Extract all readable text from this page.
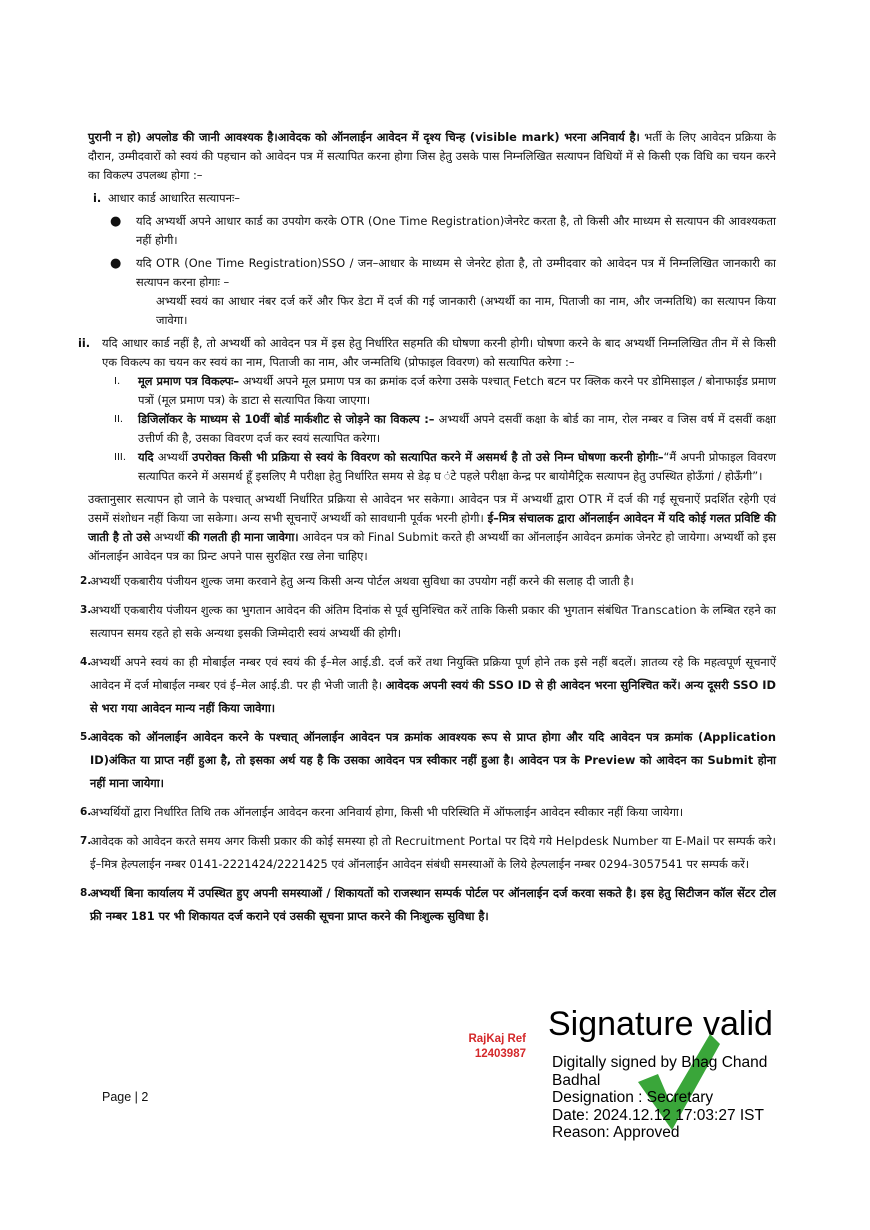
पुरानी न हो) अपलोड की जानी आवश्यक है।आवेदक को ऑनलाईन आवेदन में दृश्य चिन्ह (visible mark) भरना अनिवार्य है। भर्ती के लिए आवेदन प्रक्रिया के दौरान, उम्मीदवारों को स्वयं की पहचान को आवेदन पत्र में सत्यापित करना होगा जिस हेतु उसके पास निम्नलिखित सत्यापन विधियों में से किसी एक विधि का चयन करने का विकल्प उपलब्ध होगा :–

i. आधार कार्ड आधारित सत्यापनः–

●	यदि अभ्यर्थी अपने आधार कार्ड का उपयोग करके OTR (One Time Registration)जेनरेट करता है, तो किसी और माध्यम से सत्यापन की आवश्यकता नहीं होगी।

●	यदि OTR (One Time Registration)SSO / जन–आधार के माध्यम से जेनरेट होता है, तो उम्मीदवार को आवेदन पत्र में निम्नलिखित जानकारी का सत्यापन करना होगाः –

अभ्यर्थी स्वयं का आधार नंबर दर्ज करें और फिर डेटा में दर्ज की गई जानकारी (अभ्यर्थी का नाम, पिताजी का नाम, और जन्मतिथि) का सत्यापन किया जावेगा।

ii.	यदि आधार कार्ड नहीं है, तो अभ्यर्थी को आवेदन पत्र में इस हेतु निर्धारित सहमति की घोषणा करनी होगी। घोषणा करने के बाद अभ्यर्थी निम्नलिखित तीन में से किसी एक विकल्प का चयन कर स्वयं का नाम, पिताजी का नाम, और जन्मतिथि (प्रोफाइल विवरण) को सत्यापित करेगा :–

I.	मूल प्रमाण पत्र विकल्पः– अभ्यर्थी अपने मूल प्रमाण पत्र का क्रमांक दर्ज करेगा उसके पश्चात् Fetch बटन पर क्लिक करने पर डोमिसाइल / बोनाफाईड प्रमाण पत्रों (मूल प्रमाण पत्र) के डाटा से सत्यापित किया जाएगा।

II.	डिजिलॉकर के माध्यम से 10वीं बोर्ड मार्कशीट से जोड़ने का विकल्प :– अभ्यर्थी अपने दसवीं कक्षा के बोर्ड का नाम, रोल नम्बर व जिस वर्ष में दसवीं कक्षा उत्तीर्ण की है, उसका विवरण दर्ज कर स्वयं सत्यापित करेगा।

III.	यदि अभ्यर्थी उपरोक्त किसी भी प्रक्रिया से स्वयं के विवरण को सत्यापित करने में असमर्थ है तो उसे निम्न घोषणा करनी होगीः–“मैं अपनी प्रोफाइल विवरण सत्यापित करने में असमर्थ हूँ इसलिए मै परीक्षा हेतु निर्धारित समय से डेढ़ घ ंटे पहले परीक्षा केन्द्र पर बायोमैट्रिक सत्यापन हेतु उपस्थित होऊँगां / होऊँगी”।

उक्तानुसार सत्यापन हो जाने के पश्चात् अभ्यर्थी निर्धारित प्रक्रिया से आवेदन भर सकेगा। आवेदन पत्र में अभ्यर्थी द्वारा OTR में दर्ज की गई सूचनाऐं प्रदर्शित रहेगी एवं उसमें संशोधन नहीं किया जा सकेगा। अन्य सभी सूचनाऐं अभ्यर्थी को सावधानी पूर्वक भरनी होगी। ई–मित्र संचालक द्वारा ऑनलाईन आवेदन में यदि कोई गलत प्रविष्टि की जाती है तो उसे अभ्यर्थी की गलती ही माना जावेगा। आवेदन पत्र को Final Submit करते ही अभ्यर्थी का ऑनलाईन आवेदन क्रमांक जेनरेट हो जायेगा। अभ्यर्थी को इस ऑनलाईन आवेदन पत्र का प्रिन्ट अपने पास सुरक्षित रख लेना चाहिए।

2.

अभ्यर्थी एकबारीय पंजीयन शुल्क जमा करवाने हेतु अन्य किसी अन्य पोर्टल अथवा सुविधा का उपयोग नहीं करने की सलाह दी जाती है।

3.

अभ्यर्थी एकबारीय पंजीयन शुल्क का भुगतान आवेदन की अंतिम दिनांक से पूर्व सुनिश्चित करें ताकि किसी प्रकार की भुगतान संबंधित Transcation के लम्बित रहने का सत्यापन समय रहते हो सके अन्यथा इसकी जिम्मेदारी स्वयं अभ्यर्थी की होगी।

4.

अभ्यर्थी अपने स्वयं का ही मोबाईल नम्बर एवं स्वयं की ई–मेल आई.डी. दर्ज करें तथा नियुक्ति प्रक्रिया पूर्ण होने तक इसे नहीं बदलें। ज्ञातव्य रहे कि महत्वपूर्ण सूचनाऐं आवेदन में दर्ज मोबाईल नम्बर एवं ई–मेल आई.डी. पर ही भेजी जाती है। आवेदक अपनी स्वयं की SSO ID से ही आवेदन भरना सुनिश्चित करें। अन्य दूसरी SSO ID से भरा गया आवेदन मान्य नहीं किया जावेगा।

5.

आवेदक को ऑनलाईन आवेदन करने के पश्चात् ऑनलाईन आवेदन पत्र क्रमांक आवश्यक रूप से प्राप्त होगा और यदि आवेदन पत्र क्रमांक (Application ID)अंकित या प्राप्त नहीं हुआ है, तो इसका अर्थ यह है कि उसका आवेदन पत्र स्वीकार नहीं हुआ है। आवेदन पत्र के Preview को आवेदन का Submit होना नहीं माना जायेगा।

6.

अभ्यर्थियों द्वारा निर्धारित तिथि तक ऑनलाईन आवेदन करना अनिवार्य होगा, किसी भी परिस्थिति में ऑफलाईन आवेदन स्वीकार नहीं किया जायेगा।

7.

आवेदक को आवेदन करते समय अगर किसी प्रकार की कोई समस्या हो तो Recruitment Portal पर दिये गये Helpdesk Number या E-Mail पर सम्पर्क करे। ई–मित्र हेल्पलाईन नम्बर 0141-2221424/2221425 एवं ऑनलाईन आवेदन संबंधी समस्याओं के लिये हेल्पलाईन नम्बर 0294-3057541 पर सम्पर्क करें।

8.

अभ्यर्थी बिना कार्यालय में उपस्थित हुए अपनी समस्याओं / शिकायतों को राजस्थान सम्पर्क पोर्टल पर ऑनलाईन दर्ज करवा सकते है। इस हेतु सिटीजन कॉल सेंटर टोल फ्री नम्बर 181 पर भी शिकायत दर्ज कराने एवं उसकी सूचना प्राप्त करने की निःशुल्क सुविधा है।

RajKaj Ref
12403987
Page | 2
Signature valid
Digitally signed by Bhag Chand
Badhal
Designation : Secretary
Date: 2024.12.12 17:03:27 IST
Reason: Approved
